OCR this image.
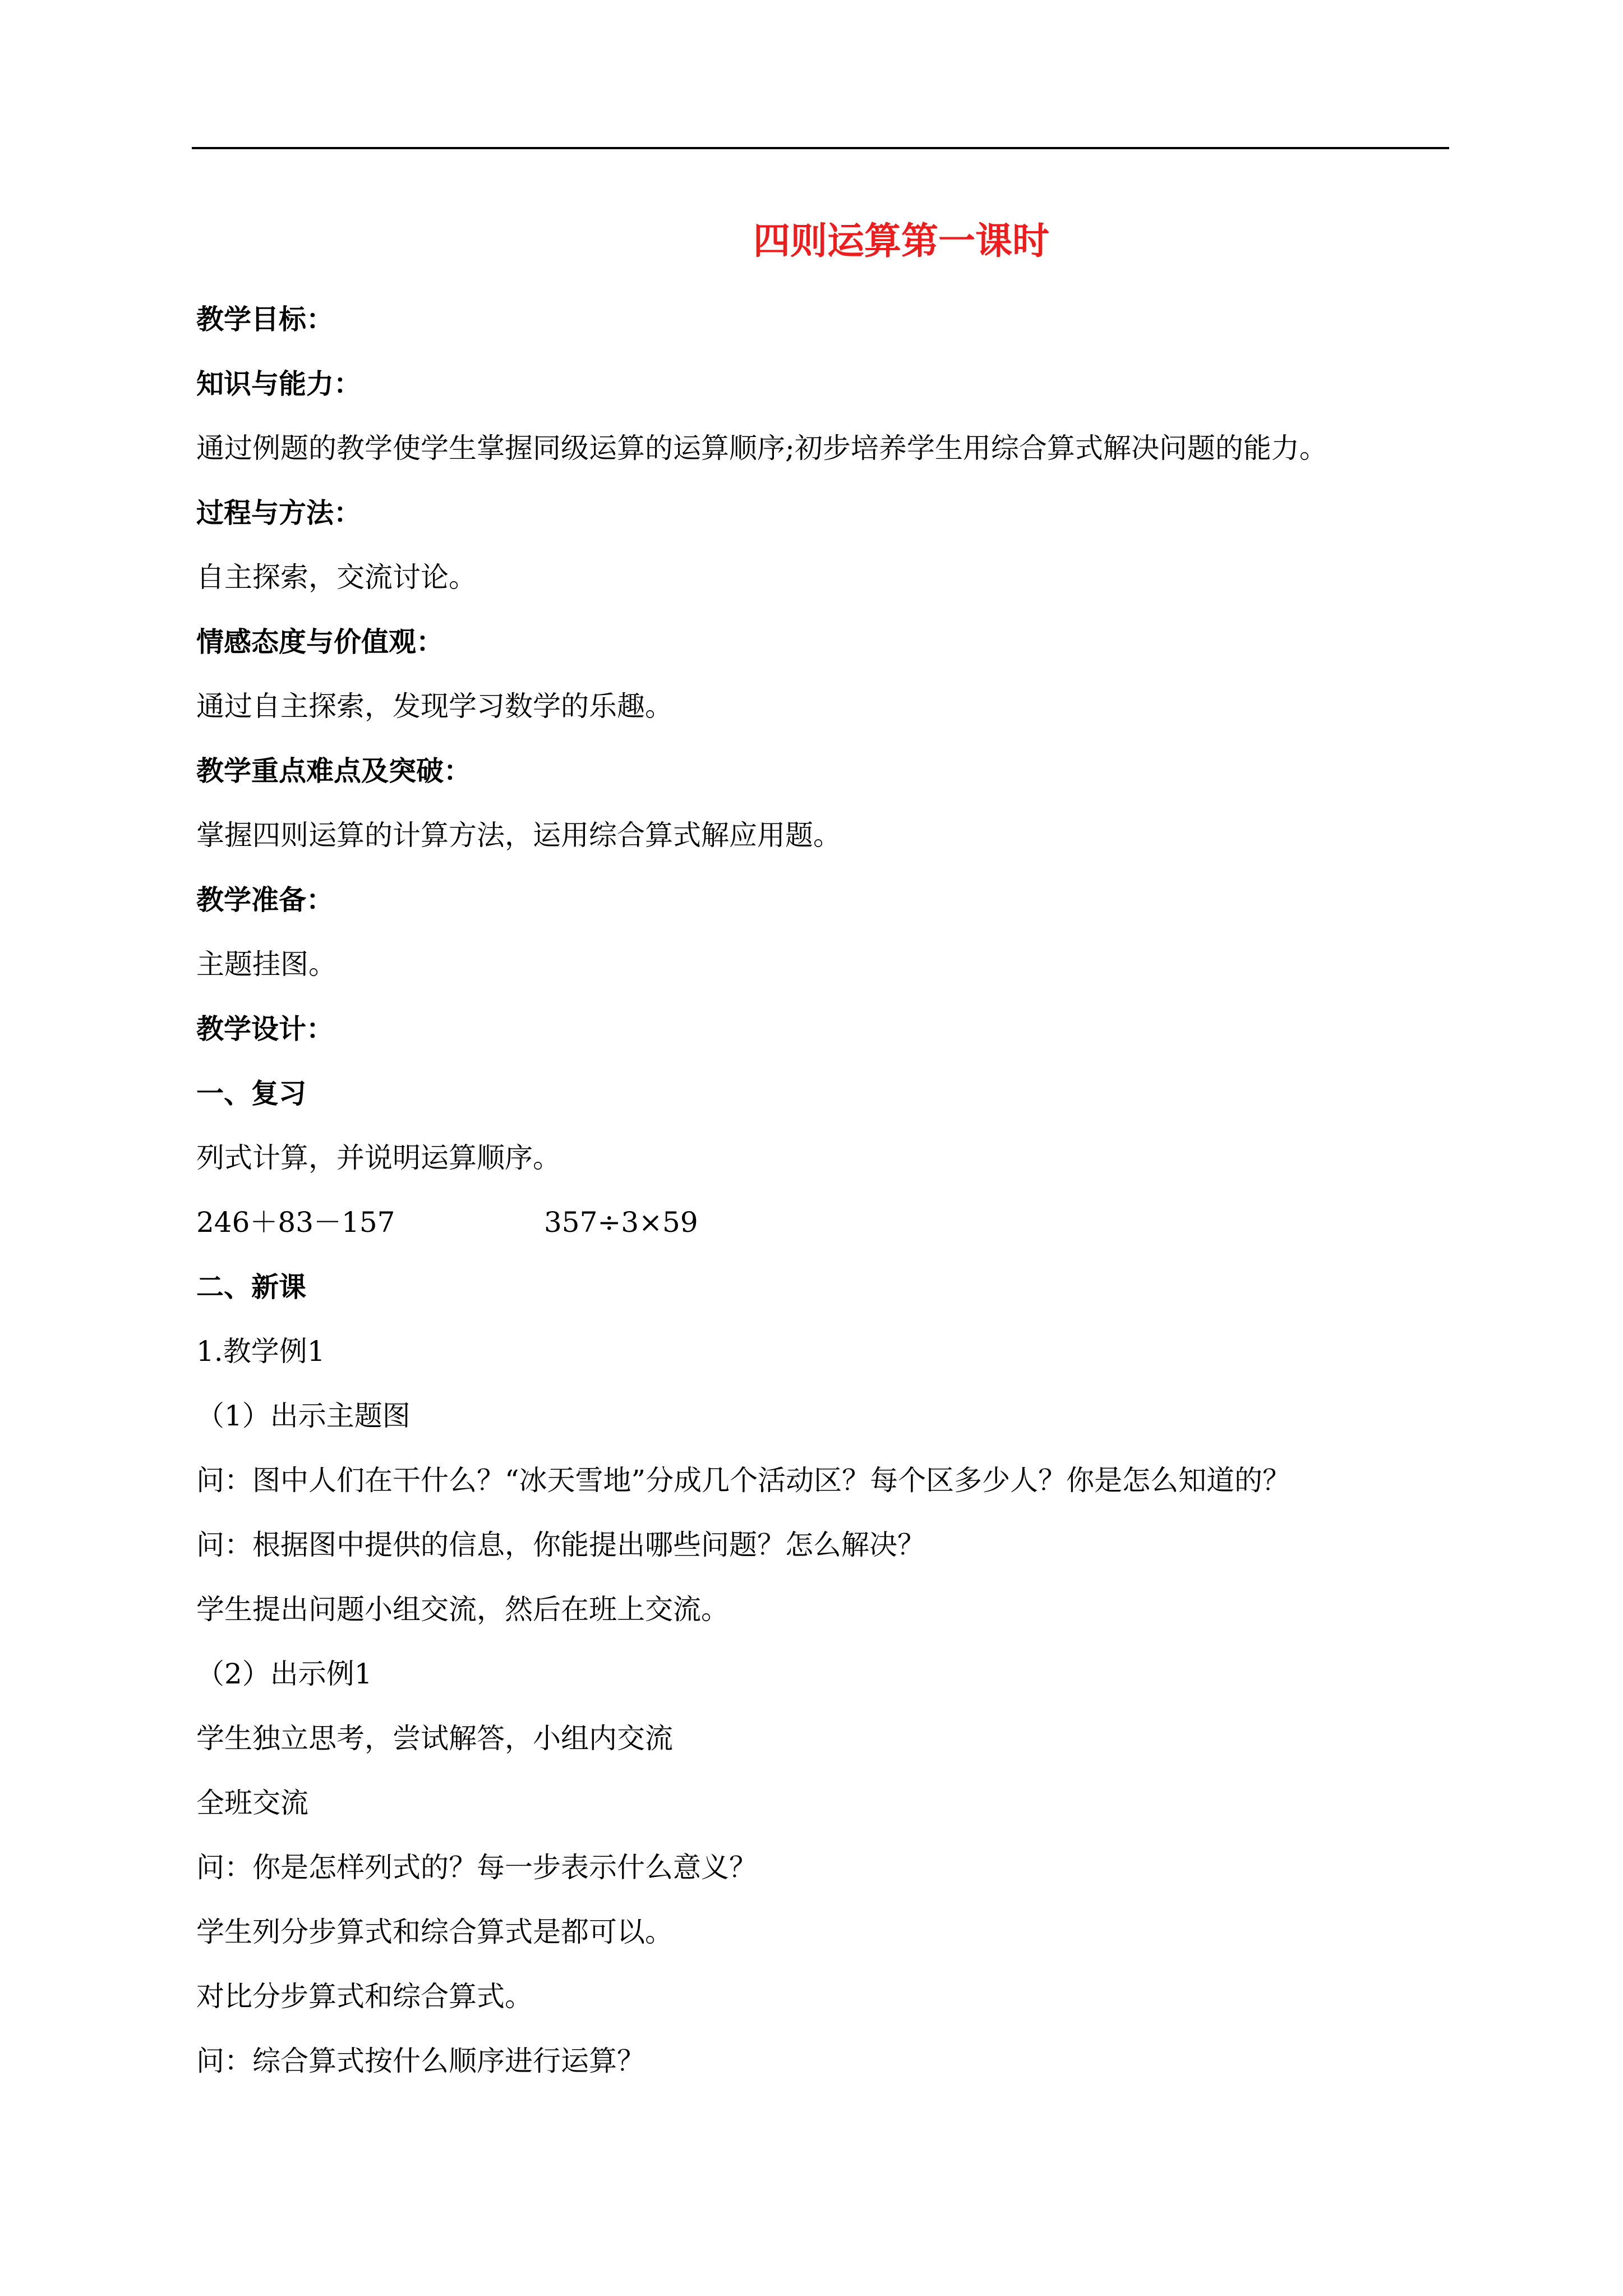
四则运算第一课时
教学目标：
知识与能力：
通过例题的教学使学生掌握同级运算的运算顺序;初步培养学生用综合算式解决问题的能力。
过程与方法：
自主探索，交流讨论。
情感态度与价值观：
通过自主探索，发现学习数学的乐趣。
教学重点难点及突破：
掌握四则运算的计算方法，运用综合算式解应用题。
教学准备：
主题挂图。
教学设计：
一、复习
列式计算，并说明运算顺序。
246＋83－157	357÷3×59
二、新课
1.教学例1
（1）出示主题图
问：图中人们在干什么？“冰天雪地”分成几个活动区？每个区多少人？你是怎么知道的？
问：根据图中提供的信息，你能提出哪些问题？怎么解决？
学生提出问题小组交流，然后在班上交流。
（2）出示例1
学生独立思考，尝试解答，小组内交流
全班交流
问：你是怎样列式的？每一步表示什么意义？
学生列分步算式和综合算式是都可以。
对比分步算式和综合算式。
问：综合算式按什么顺序进行运算？
